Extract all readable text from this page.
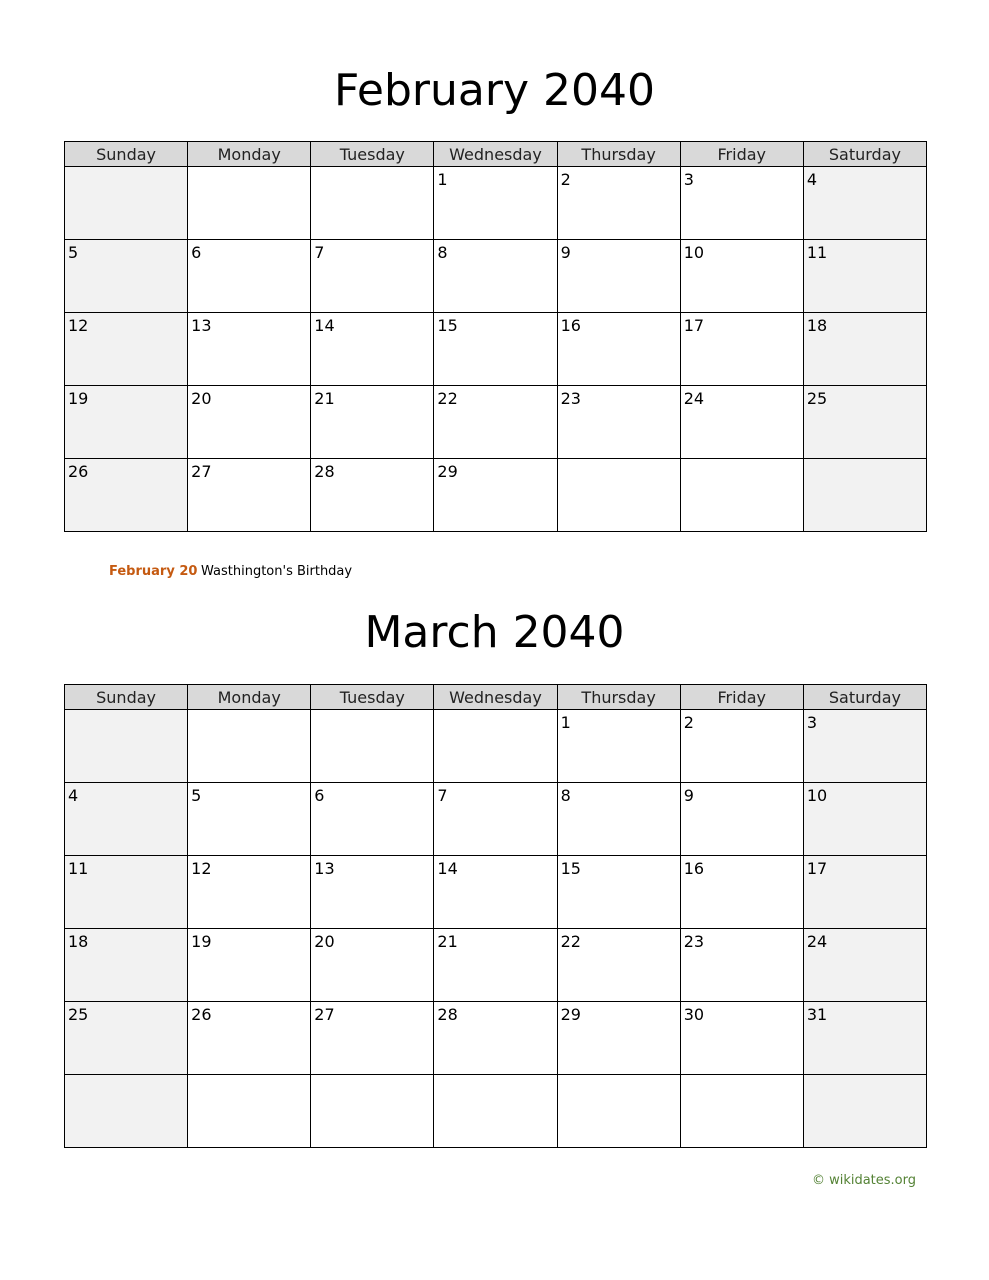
February 2040
Sunday	Monday	Tuesday	Wednesday	Thursday	Friday	Saturday

			1	2	3	4

5	6	7	8	9	10	11

12	13	14	15	16	17	18

19	20	21	22	23	24	25

26	27	28	29			

February 20 Wasthington's Birthday
March 2040
Sunday	Monday	Tuesday	Wednesday	Thursday	Friday	Saturday

				1	2	3

4	5	6	7	8	9	10

11	12	13	14	15	16	17

18	19	20	21	22	23	24

25	26	27	28	29	30	31

© wikidates.org
